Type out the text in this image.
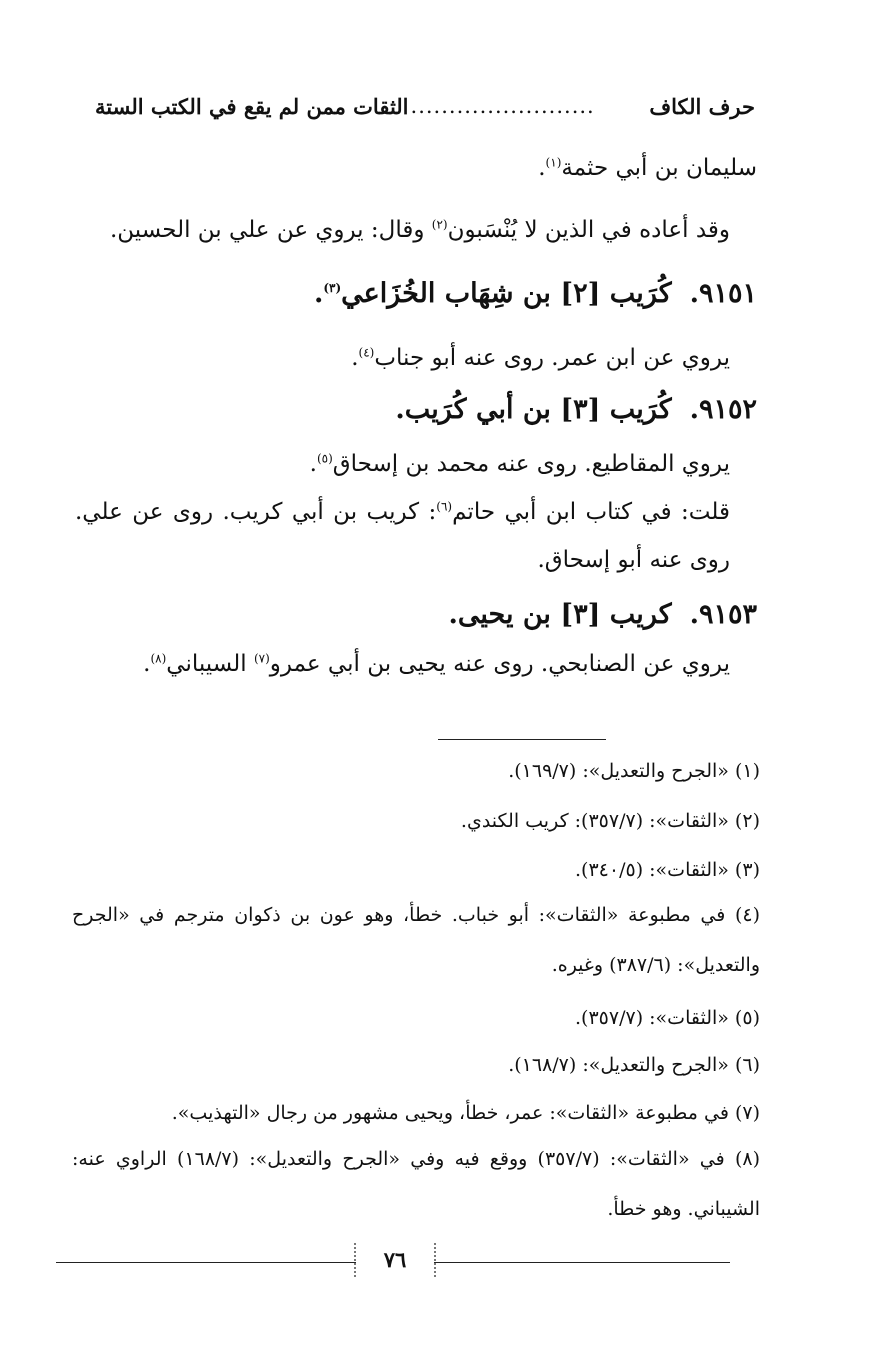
حرف الكاف
........................
الثقات ممن لم يقع في الكتب الستة
سليمان بن أبي حثمة$^{(١)}$.
وقد أعاده في الذين لا يُنْسَبون$^{(٢)}$ وقال: يروي عن علي بن الحسين.
٩١٥١.كُرَيب [٢] بن شِهَاب الخُزَاعي$^{(٣)}$.
يروي عن ابن عمر. روى عنه أبو جناب$^{(٤)}$.
٩١٥٢.كُرَيب [٣] بن أبي كُرَيب.
يروي المقاطيع. روى عنه محمد بن إسحاق$^{(٥)}$.
قلت: في كتاب ابن أبي حاتم$^{(٦)}$: كريب بن أبي كريب. روى عن علي. روى عنه أبو إسحاق.
٩١٥٣.كريب [٣] بن يحيى.
يروي عن الصنابحي. روى عنه يحيى بن أبي عمرو$^{(٧)}$ السيباني$^{(٨)}$.
(١) «الجرح والتعديل»: (١٦٩/٧).
(٢) «الثقات»: (٣٥٧/٧): كريب الكندي.
(٣) «الثقات»: (٣٤٠/٥).
(٤) في مطبوعة «الثقات»: أبو خباب. خطأ، وهو عون بن ذكوان مترجم في «الجرح والتعديل»: (٣٨٧/٦) وغيره.
(٥) «الثقات»: (٣٥٧/٧).
(٦) «الجرح والتعديل»: (١٦٨/٧).
(٧) في مطبوعة «الثقات»: عمر، خطأ، ويحيى مشهور من رجال «التهذيب».
(٨) في «الثقات»: (٣٥٧/٧) ووقع فيه وفي «الجرح والتعديل»: (١٦٨/٧) الراوي عنه: الشيباني. وهو خطأ.
٧٦
